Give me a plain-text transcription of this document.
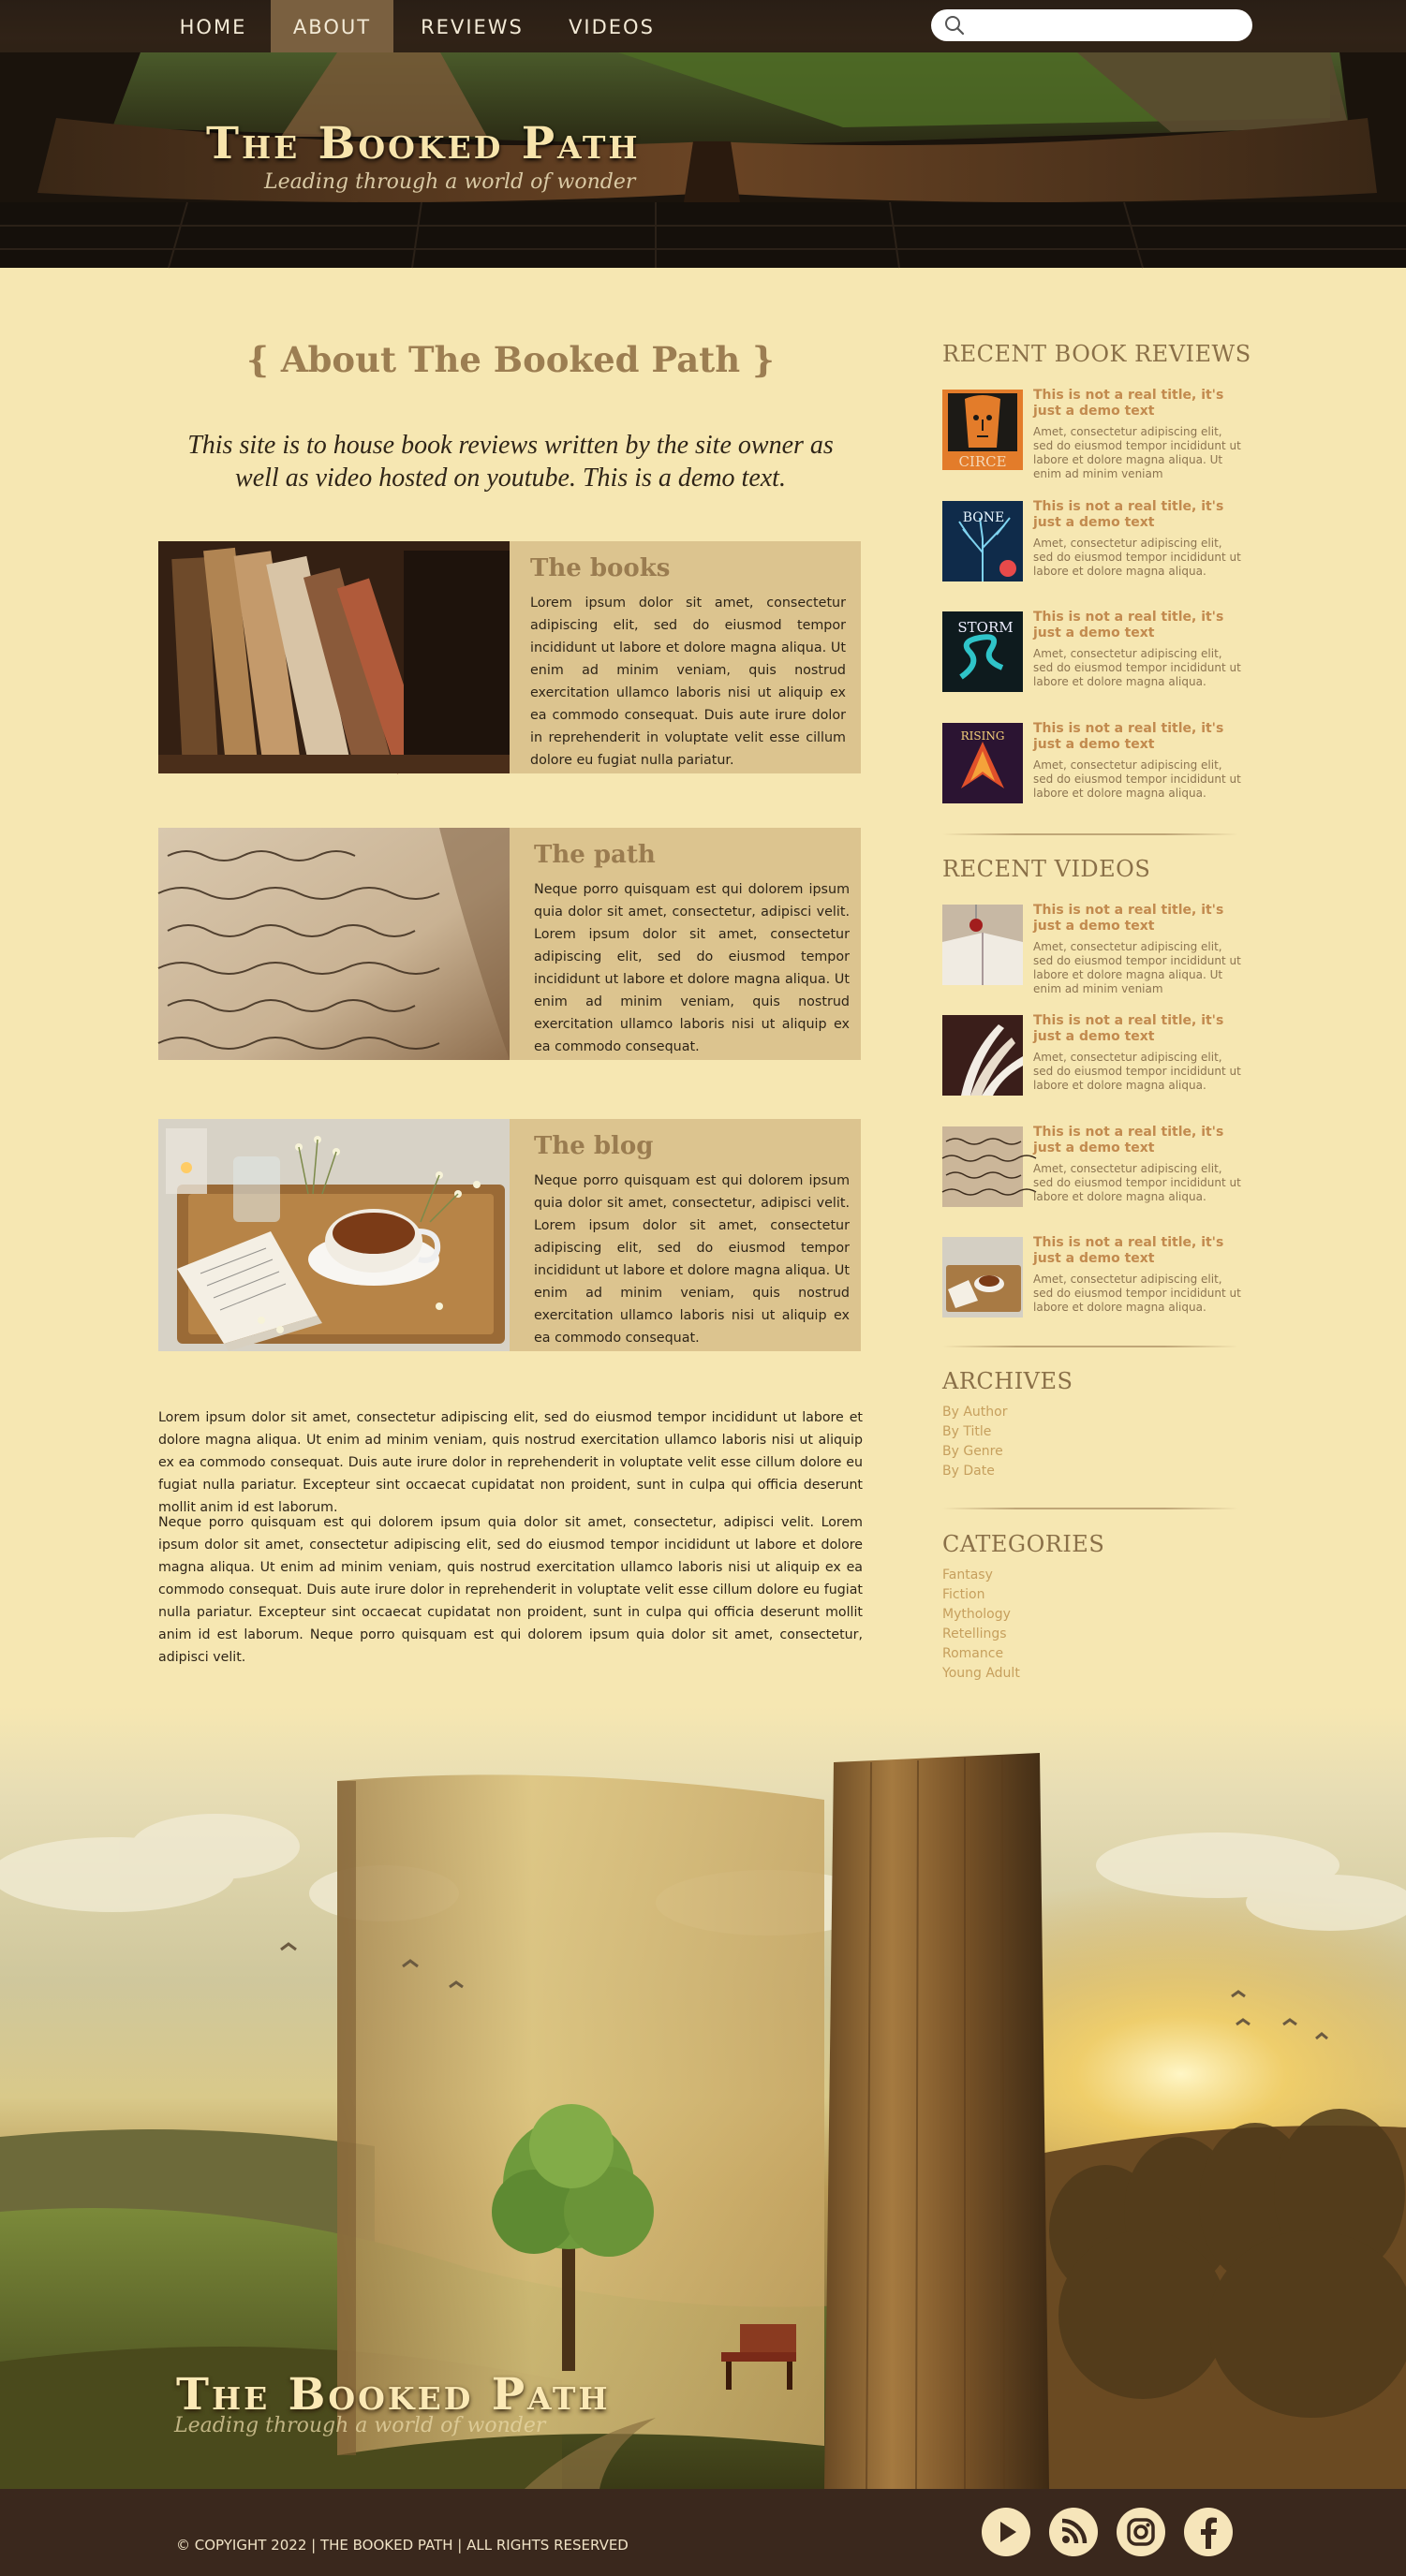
HOME	ABOUT	REVIEWS	VIDEOS
The Booked Path
Leading through a world of wonder
{ About The Booked Path }
This site is to house book reviews written by the site owner as well as video hosted on youtube. This is a demo text.
The books

Lorem ipsum dolor sit amet, consectetur adipiscing elit, sed do eiusmod tempor incididunt ut labore et dolore magna aliqua. Ut enim ad minim veniam, quis nostrud exercitation ullamco laboris nisi ut aliquip ex ea commodo consequat. Duis aute irure dolor in reprehenderit in voluptate velit esse cillum dolore eu fugiat nulla pariatur.

The path

Neque porro quisquam est qui dolorem ipsum quia dolor sit amet, consectetur, adipisci velit. Lorem ipsum dolor sit amet, consectetur adipiscing elit, sed do eiusmod tempor incididunt ut labore et dolore magna aliqua. Ut enim ad minim veniam, quis nostrud exercitation ullamco laboris nisi ut aliquip ex ea commodo consequat.

The blog

Neque porro quisquam est qui dolorem ipsum quia dolor sit amet, consectetur, adipisci velit. Lorem ipsum dolor sit amet, consectetur adipiscing elit, sed do eiusmod tempor incididunt ut labore et dolore magna aliqua. Ut enim ad minim veniam, quis nostrud exercitation ullamco laboris nisi ut aliquip ex ea commodo consequat.

Lorem ipsum dolor sit amet, consectetur adipiscing elit, sed do eiusmod tempor incididunt ut labore et dolore magna aliqua. Ut enim ad minim veniam, quis nostrud exercitation ullamco laboris nisi ut aliquip ex ea commodo consequat. Duis aute irure dolor in reprehenderit in voluptate velit esse cillum dolore eu fugiat nulla pariatur. Excepteur sint occaecat cupidatat non proident, sunt in culpa qui officia deserunt mollit anim id est laborum.

Neque porro quisquam est qui dolorem ipsum quia dolor sit amet, consectetur, adipisci velit. Lorem ipsum dolor sit amet, consectetur adipiscing elit, sed do eiusmod tempor incididunt ut labore et dolore magna aliqua. Ut enim ad minim veniam, quis nostrud exercitation ullamco laboris nisi ut aliquip ex ea commodo consequat. Duis aute irure dolor in reprehenderit in voluptate velit esse cillum dolore eu fugiat nulla pariatur. Excepteur sint occaecat cupidatat non proident, sunt in culpa qui officia deserunt mollit anim id est laborum. Neque porro quisquam est qui dolorem ipsum quia dolor sit amet, consectetur, adipisci velit.

RECENT BOOK REVIEWS
CIRCE
This is not a real title, it's just a demo text
Amet, consectetur adipiscing elit, sed do eiusmod tempor incididunt ut labore et dolore magna aliqua. Ut enim ad minim veniam
BONE
This is not a real title, it's just a demo text
Amet, consectetur adipiscing elit, sed do eiusmod tempor incididunt ut labore et dolore magna aliqua.
STORM
This is not a real title, it's just a demo text
Amet, consectetur adipiscing elit, sed do eiusmod tempor incididunt ut labore et dolore magna aliqua.
RISING This is not a real title, it's just a demo text
Amet, consectetur adipiscing elit, sed do eiusmod tempor incididunt ut labore et dolore magna aliqua.
RECENT VIDEOS
This is not a real title, it's just a demo text
Amet, consectetur adipiscing elit, sed do eiusmod tempor incididunt ut labore et dolore magna aliqua. Ut enim ad minim veniam
This is not a real title, it's just a demo text
Amet, consectetur adipiscing elit, sed do eiusmod tempor incididunt ut labore et dolore magna aliqua.
This is not a real title, it's just a demo text
Amet, consectetur adipiscing elit, sed do eiusmod tempor incididunt ut labore et dolore magna aliqua.
This is not a real title, it's just a demo text
Amet, consectetur adipiscing elit, sed do eiusmod tempor incididunt ut labore et dolore magna aliqua.
ARCHIVES
By Author
By Title
By Genre
By Date
CATEGORIES
Fantasy
Fiction
Mythology
Retellings
Romance
Young Adult
The Booked Path
Leading through a world of wonder
© COPYIGHT 2022 | THE BOOKED PATH | ALL RIGHTS RESERVED
